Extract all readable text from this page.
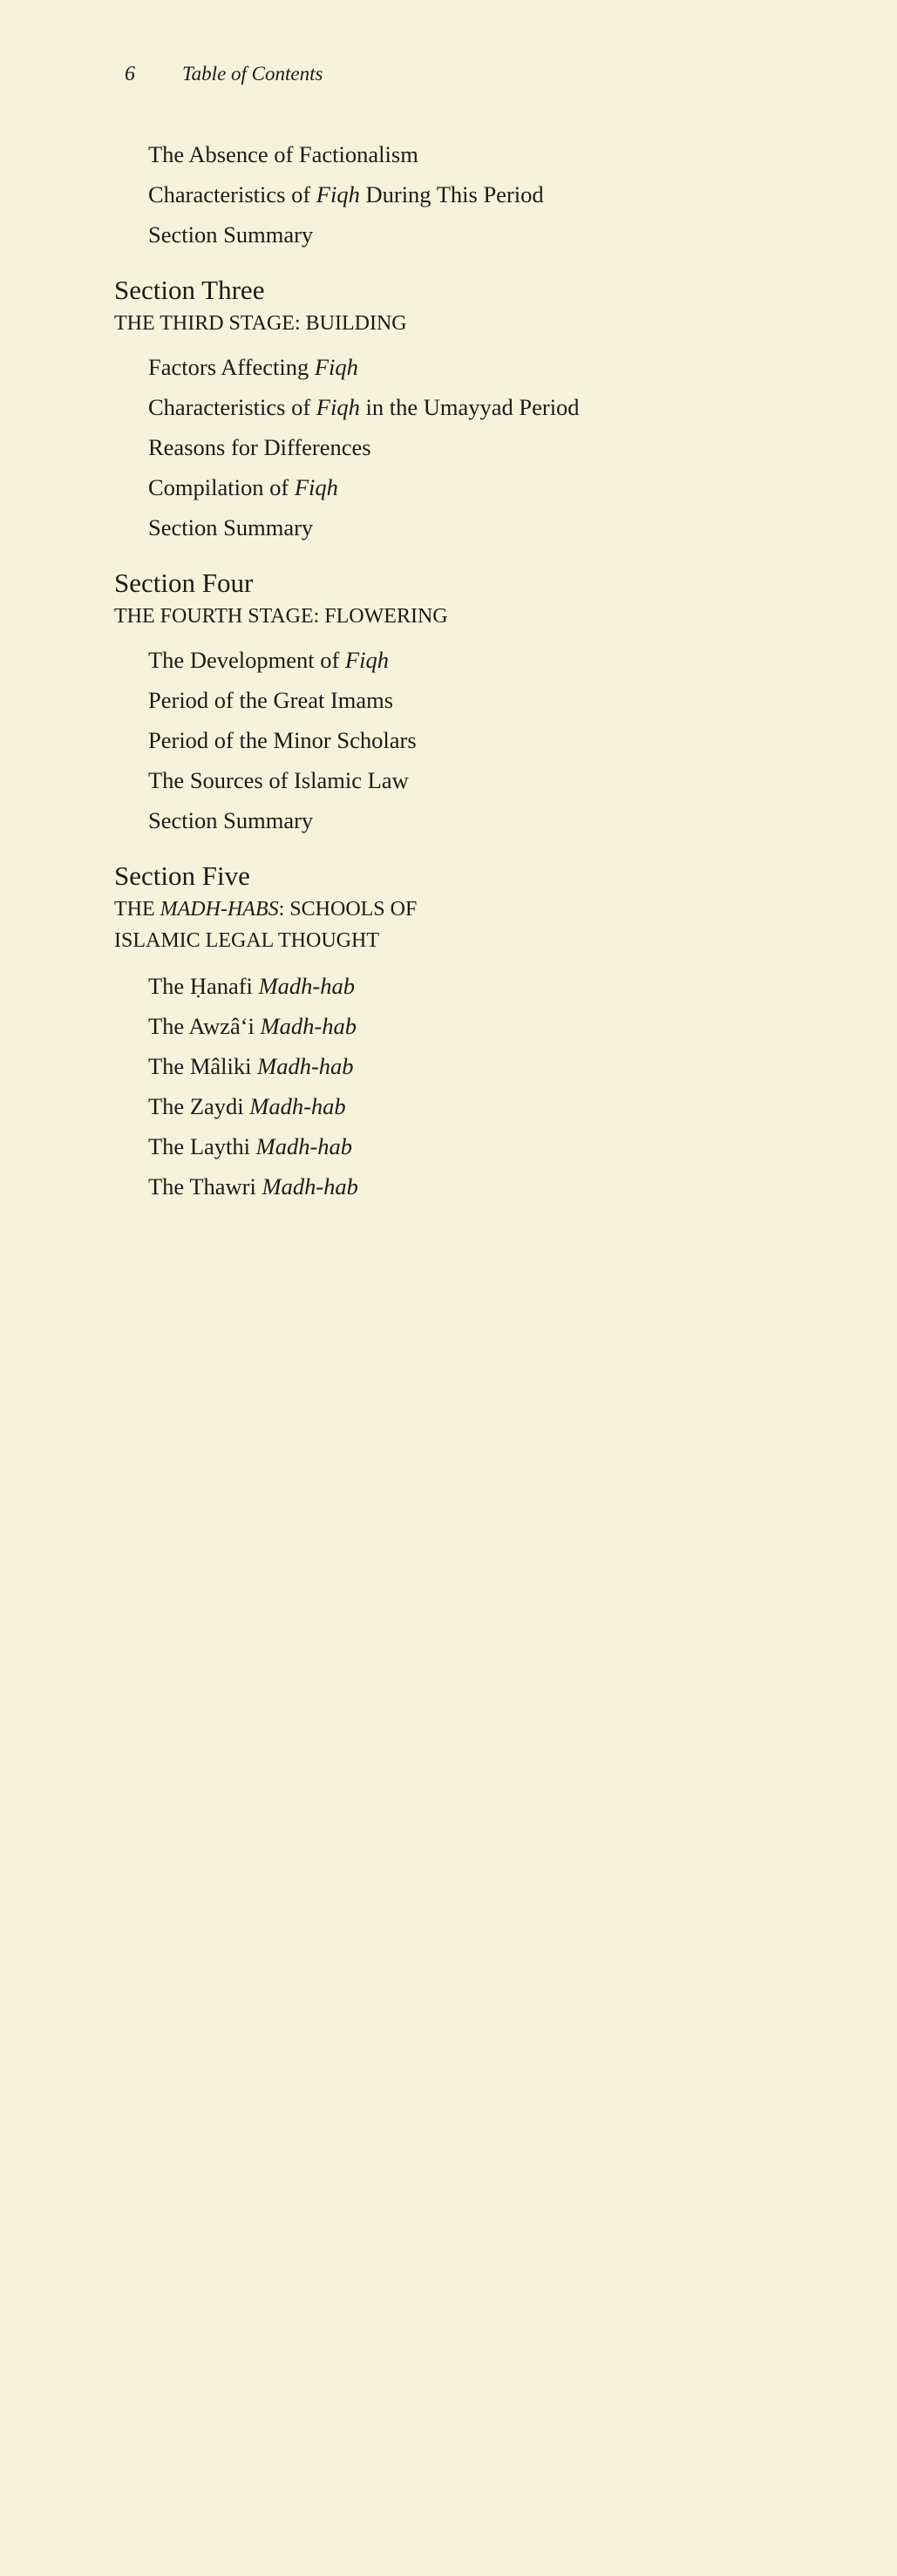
6 Table of Contents
The Absence of Factionalism
Characteristics of Fiqh During This Period
Section Summary
Section Three
THE THIRD STAGE: BUILDING
Factors Affecting Fiqh
Characteristics of Fiqh in the Umayyad Period
Reasons for Differences
Compilation of Fiqh
Section Summary
Section Four
THE FOURTH STAGE: FLOWERING
The Development of Fiqh
Period of the Great Imams
Period of the Minor Scholars
The Sources of Islamic Law
Section Summary
Section Five
THE MADH-HABS: SCHOOLS OF
ISLAMIC LEGAL THOUGHT
The Ḥanafi Madh-hab
The Awzâ‘i Madh-hab
The Mâliki Madh-hab
The Zaydi Madh-hab
The Laythi Madh-hab
The Thawri Madh-hab
